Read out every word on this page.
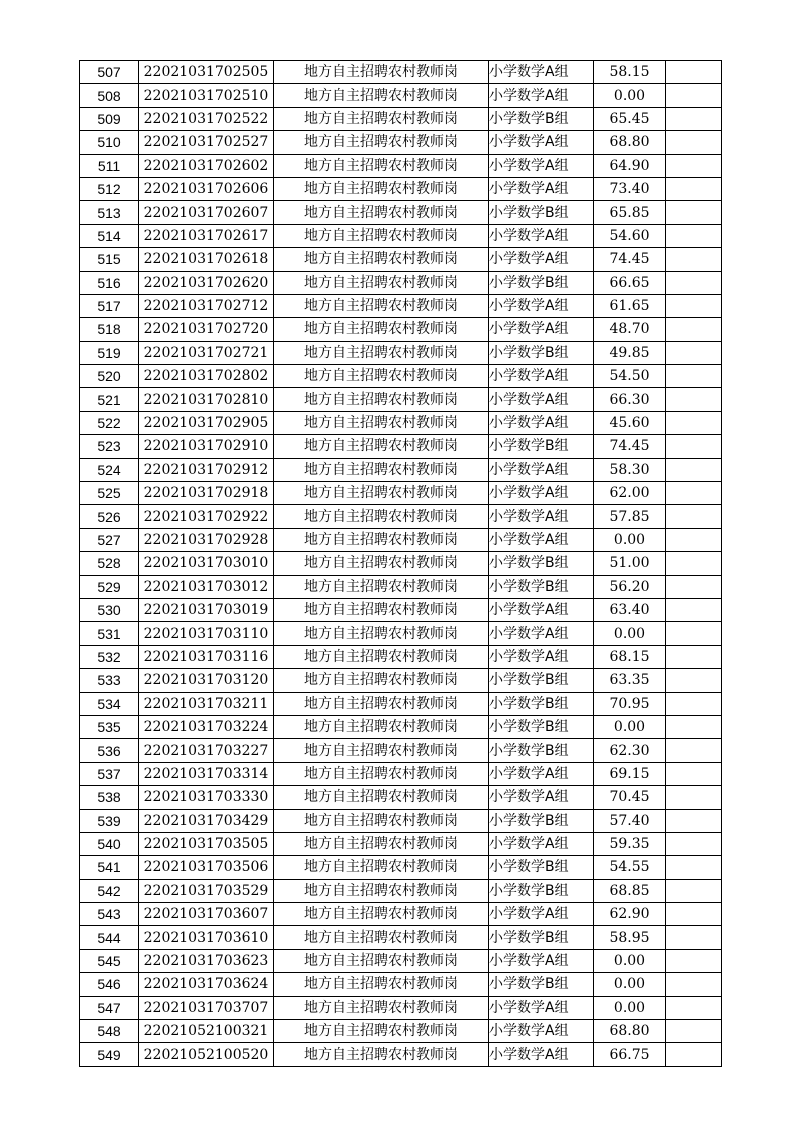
507	22021031702505	地方自主招聘农村教师岗	小学数学A组	58.15	
508	22021031702510	地方自主招聘农村教师岗	小学数学A组	0.00	
509	22021031702522	地方自主招聘农村教师岗	小学数学B组	65.45	
510	22021031702527	地方自主招聘农村教师岗	小学数学A组	68.80	
511	22021031702602	地方自主招聘农村教师岗	小学数学A组	64.90	
512	22021031702606	地方自主招聘农村教师岗	小学数学A组	73.40	
513	22021031702607	地方自主招聘农村教师岗	小学数学B组	65.85	
514	22021031702617	地方自主招聘农村教师岗	小学数学A组	54.60	
515	22021031702618	地方自主招聘农村教师岗	小学数学A组	74.45	
516	22021031702620	地方自主招聘农村教师岗	小学数学B组	66.65	
517	22021031702712	地方自主招聘农村教师岗	小学数学A组	61.65	
518	22021031702720	地方自主招聘农村教师岗	小学数学A组	48.70	
519	22021031702721	地方自主招聘农村教师岗	小学数学B组	49.85	
520	22021031702802	地方自主招聘农村教师岗	小学数学A组	54.50	
521	22021031702810	地方自主招聘农村教师岗	小学数学A组	66.30	
522	22021031702905	地方自主招聘农村教师岗	小学数学A组	45.60	
523	22021031702910	地方自主招聘农村教师岗	小学数学B组	74.45	
524	22021031702912	地方自主招聘农村教师岗	小学数学A组	58.30	
525	22021031702918	地方自主招聘农村教师岗	小学数学A组	62.00	
526	22021031702922	地方自主招聘农村教师岗	小学数学A组	57.85	
527	22021031702928	地方自主招聘农村教师岗	小学数学A组	0.00	
528	22021031703010	地方自主招聘农村教师岗	小学数学B组	51.00	
529	22021031703012	地方自主招聘农村教师岗	小学数学B组	56.20	
530	22021031703019	地方自主招聘农村教师岗	小学数学A组	63.40	
531	22021031703110	地方自主招聘农村教师岗	小学数学A组	0.00	
532	22021031703116	地方自主招聘农村教师岗	小学数学A组	68.15	
533	22021031703120	地方自主招聘农村教师岗	小学数学B组	63.35	
534	22021031703211	地方自主招聘农村教师岗	小学数学B组	70.95	
535	22021031703224	地方自主招聘农村教师岗	小学数学B组	0.00	
536	22021031703227	地方自主招聘农村教师岗	小学数学B组	62.30	
537	22021031703314	地方自主招聘农村教师岗	小学数学A组	69.15	
538	22021031703330	地方自主招聘农村教师岗	小学数学A组	70.45	
539	22021031703429	地方自主招聘农村教师岗	小学数学B组	57.40	
540	22021031703505	地方自主招聘农村教师岗	小学数学A组	59.35	
541	22021031703506	地方自主招聘农村教师岗	小学数学B组	54.55	
542	22021031703529	地方自主招聘农村教师岗	小学数学B组	68.85	
543	22021031703607	地方自主招聘农村教师岗	小学数学A组	62.90	
544	22021031703610	地方自主招聘农村教师岗	小学数学B组	58.95	
545	22021031703623	地方自主招聘农村教师岗	小学数学A组	0.00	
546	22021031703624	地方自主招聘农村教师岗	小学数学B组	0.00	
547	22021031703707	地方自主招聘农村教师岗	小学数学A组	0.00	
548	22021052100321	地方自主招聘农村教师岗	小学数学A组	68.80	
549	22021052100520	地方自主招聘农村教师岗	小学数学A组	66.75	
